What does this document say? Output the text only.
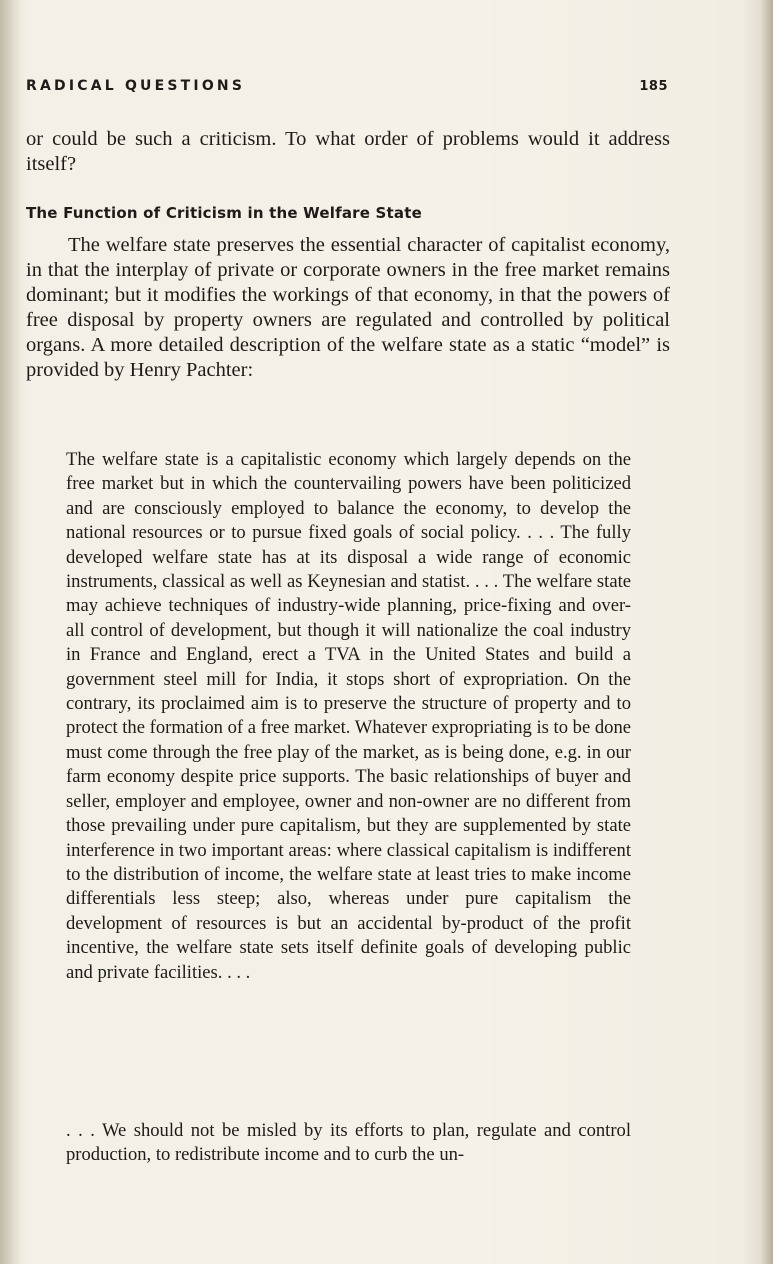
RADICAL QUESTIONS	185

or could be such a criticism. To what order of problems would it address itself?

The Function of Criticism in the Welfare State

The welfare state preserves the essential character of capitalist economy, in that the interplay of private or corporate owners in the free market remains dominant; but it modifies the workings of that economy, in that the powers of free disposal by property owners are regulated and controlled by political organs. A more detailed description of the welfare state as a static “model” is provided by Henry Pachter:

The welfare state is a capitalistic economy which largely depends on the free market but in which the countervailing powers have been politicized and are consciously employed to balance the economy, to develop the national resources or to pursue fixed goals of social policy. . . . The fully developed welfare state has at its disposal a wide range of economic instruments, classical as well as Keynesian and statist. . . . The welfare state may achieve techniques of industry-wide planning, price-fixing and over-all control of development, but though it will nationalize the coal industry in France and England, erect a TVA in the United States and build a government steel mill for India, it stops short of expropriation. On the contrary, its proclaimed aim is to preserve the structure of property and to protect the formation of a free market. Whatever expropriating is to be done must come through the free play of the market, as is being done, e.g. in our farm economy despite price supports. The basic relationships of buyer and seller, employer and employee, owner and non-owner are no different from those prevailing under pure capitalism, but they are supplemented by state interference in two important areas: where classical capitalism is indifferent to the distribution of income, the welfare state at least tries to make income differentials less steep; also, whereas under pure capitalism the development of resources is but an accidental by-product of the profit incentive, the welfare state sets itself definite goals of developing public and private facilities. . . .

. . . We should not be misled by its efforts to plan, regulate and control production, to redistribute income and to curb the un-
